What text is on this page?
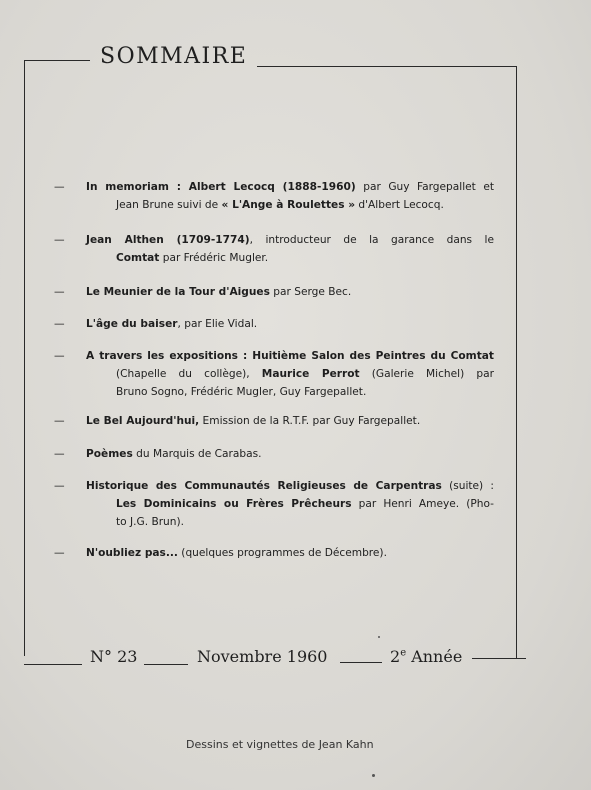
SOMMAIRE
— In memoriam : Albert Lecocq (1888-1960) par Guy Fargepallet et
Jean Brune suivi de « L'Ange à Roulettes » d'Albert Lecocq.
— Jean Althen (1709-1774), introducteur de la garance dans le
Comtat par Frédéric Mugler.
— Le Meunier de la Tour d'Aigues par Serge Bec.
— L'âge du baiser, par Elie Vidal.
— A travers les expositions : Huitième Salon des Peintres du Comtat
(Chapelle du collège), Maurice Perrot (Galerie Michel) par
Bruno Sogno, Frédéric Mugler, Guy Fargepallet.
— Le Bel Aujourd'hui, Emission de la R.T.F. par Guy Fargepallet.
— Poèmes du Marquis de Carabas.
— Historique des Communautés Religieuses de Carpentras (suite) :
Les Dominicains ou Frères Prêcheurs par Henri Ameye. (Pho-
to J.G. Brun).
— N'oubliez pas... (quelques programmes de Décembre).
N° 23	Novembre 1960	2e Année
Dessins et vignettes de Jean Kahn
